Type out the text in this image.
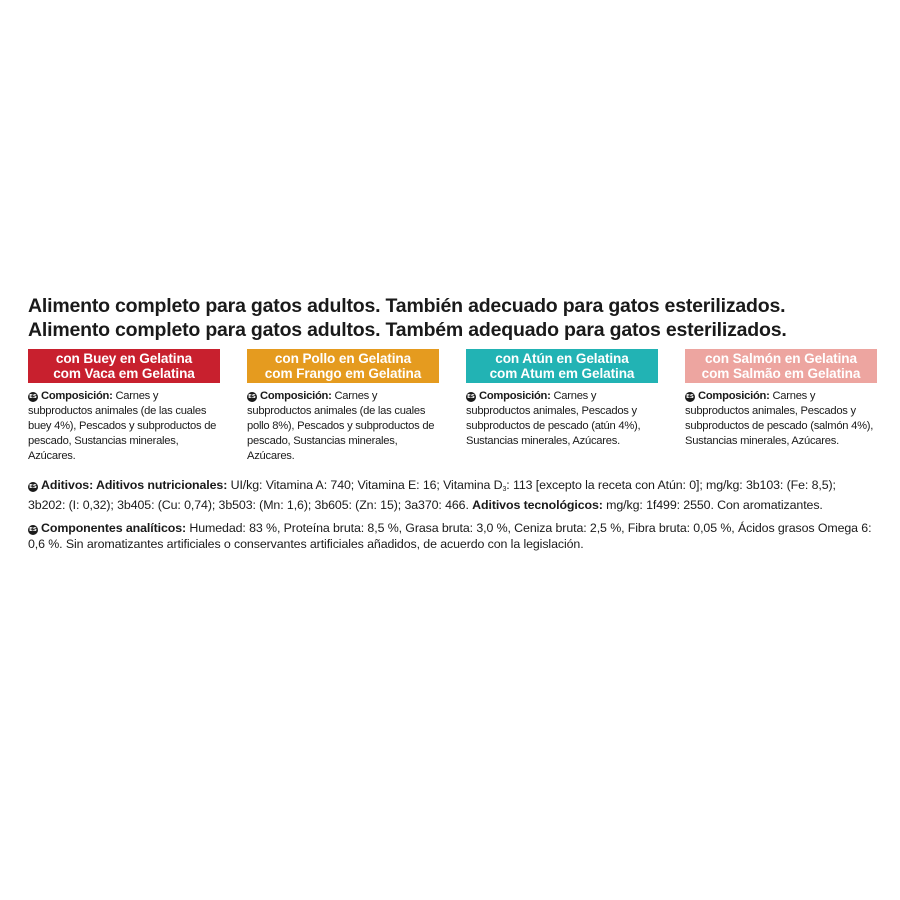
Alimento completo para gatos adultos. También adecuado para gatos esterilizados.

Alimento completo para gatos adultos. Também adequado para gatos esterilizados.

con Buey en Gelatina
com Vaca em Gelatina
ES Composición: Carnes y subproductos animales (de las cuales buey 4%), Pescados y subproductos de pescado, Sustancias minerales, Azúcares.
con Pollo en Gelatina
com Frango em Gelatina
ES Composición: Carnes y subproductos animales (de las cuales pollo 8%), Pescados y subproductos de pescado, Sustancias minerales, Azúcares.
con Atún en Gelatina
com Atum em Gelatina
ES Composición: Carnes y subproductos animales, Pescados y subproductos de pescado (atún 4%), Sustancias minerales, Azúcares.
con Salmón en Gelatina
com Salmão em Gelatina
ES Composición: Carnes y subproductos animales, Pescados y subproductos de pescado (salmón 4%), Sustancias minerales, Azúcares.
ES Aditivos: Aditivos nutricionales: UI/kg: Vitamina A: 740; Vitamina E: 16; Vitamina $D_3$: 113 [excepto la receta con Atún: 0]; mg/kg: 3b103: (Fe: 8,5); 3b202: (I: 0,32); 3b405: (Cu: 0,74); 3b503: (Mn: 1,6); 3b605: (Zn: 15); 3a370: 466. Aditivos tecnológicos: mg/kg: 1f499: 2550. Con aromatizantes.
ES Componentes analíticos: Humedad: 83 %, Proteína bruta: 8,5 %, Grasa bruta: 3,0 %, Ceniza bruta: 2,5 %, Fibra bruta: 0,05 %, Ácidos grasos Omega 6: 0,6 %. Sin aromatizantes artificiales o conservantes artificiales añadidos, de acuerdo con la legislación.
